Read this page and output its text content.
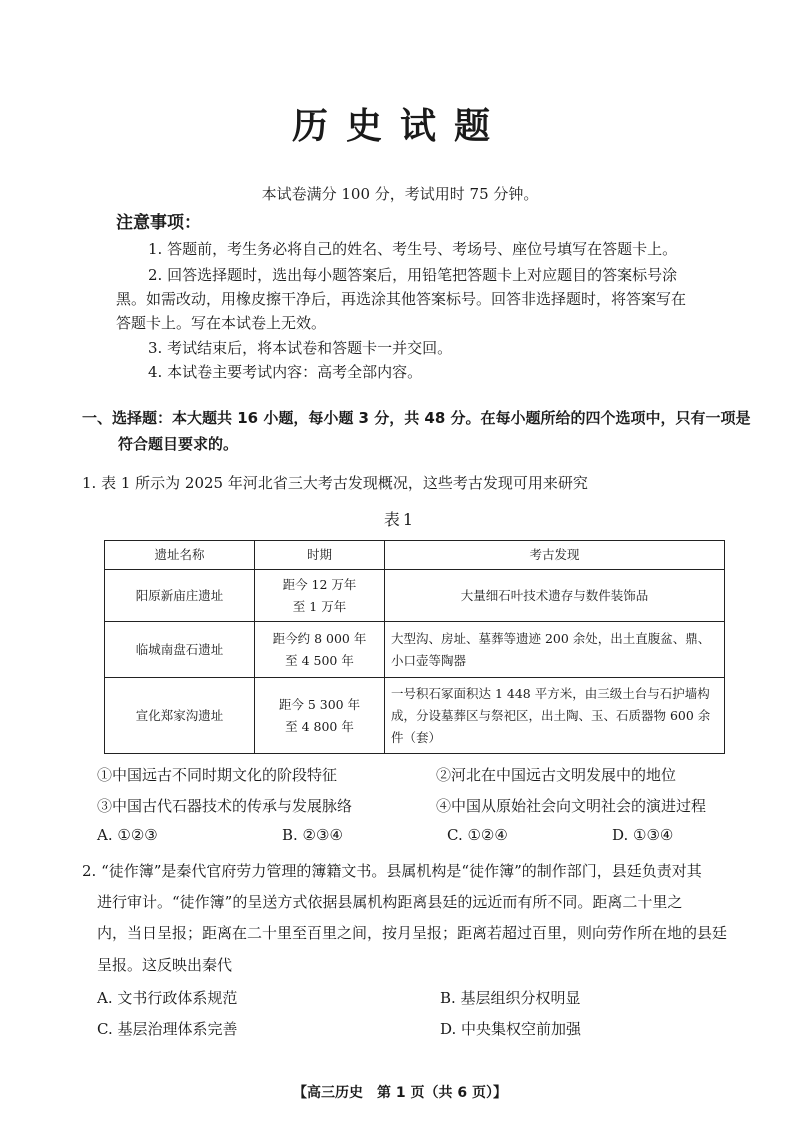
历史试题
本试卷满分 100 分，考试用时 75 分钟。
注意事项：
1. 答题前，考生务必将自己的姓名、考生号、考场号、座位号填写在答题卡上。
2. 回答选择题时，选出每小题答案后，用铅笔把答题卡上对应题目的答案标号涂
黑。如需改动，用橡皮擦干净后，再选涂其他答案标号。回答非选择题时，将答案写在
答题卡上。写在本试卷上无效。
3. 考试结束后，将本试卷和答题卡一并交回。
4. 本试卷主要考试内容：高考全部内容。
一、选择题：本大题共 16 小题，每小题 3 分，共 48 分。在每小题所给的四个选项中，只有一项是
符合题目要求的。
1. 表 1 所示为 2025 年河北省三大考古发现概况，这些考古发现可用来研究
表1
遗址名称	时期	考古发现
阳原新庙庄遗址	距今 12 万年
至 1 万年	大量细石叶技术遗存与数件装饰品
临城南盘石遗址	距今约 8 000 年
至 4 500 年	大型沟、房址、墓葬等遗迹 200 余处，出土直腹盆、鼎、小口壶等陶器
宣化郑家沟遗址	距今 5 300 年
至 4 800 年	一号积石冢面积达 1 448 平方米，由三级土台与石护墙构成，分设墓葬区与祭祀区，出土陶、玉、石质器物 600 余件（套）
①中国远古不同时期文化的阶段特征	②河北在中国远古文明发展中的地位
③中国古代石器技术的传承与发展脉络	④中国从原始社会向文明社会的演进过程
A. ①②③	B. ②③④	C. ①②④	D. ①③④
2. “徒作簿”是秦代官府劳力管理的簿籍文书。县属机构是“徒作簿”的制作部门，县廷负责对其
进行审计。“徒作簿”的呈送方式依据县属机构距离县廷的远近而有所不同。距离二十里之
内，当日呈报；距离在二十里至百里之间，按月呈报；距离若超过百里，则向劳作所在地的县廷
呈报。这反映出秦代
A. 文书行政体系规范	B. 基层组织分权明显
C. 基层治理体系完善	D. 中央集权空前加强
【高三历史　第 1 页（共 6 页）】
